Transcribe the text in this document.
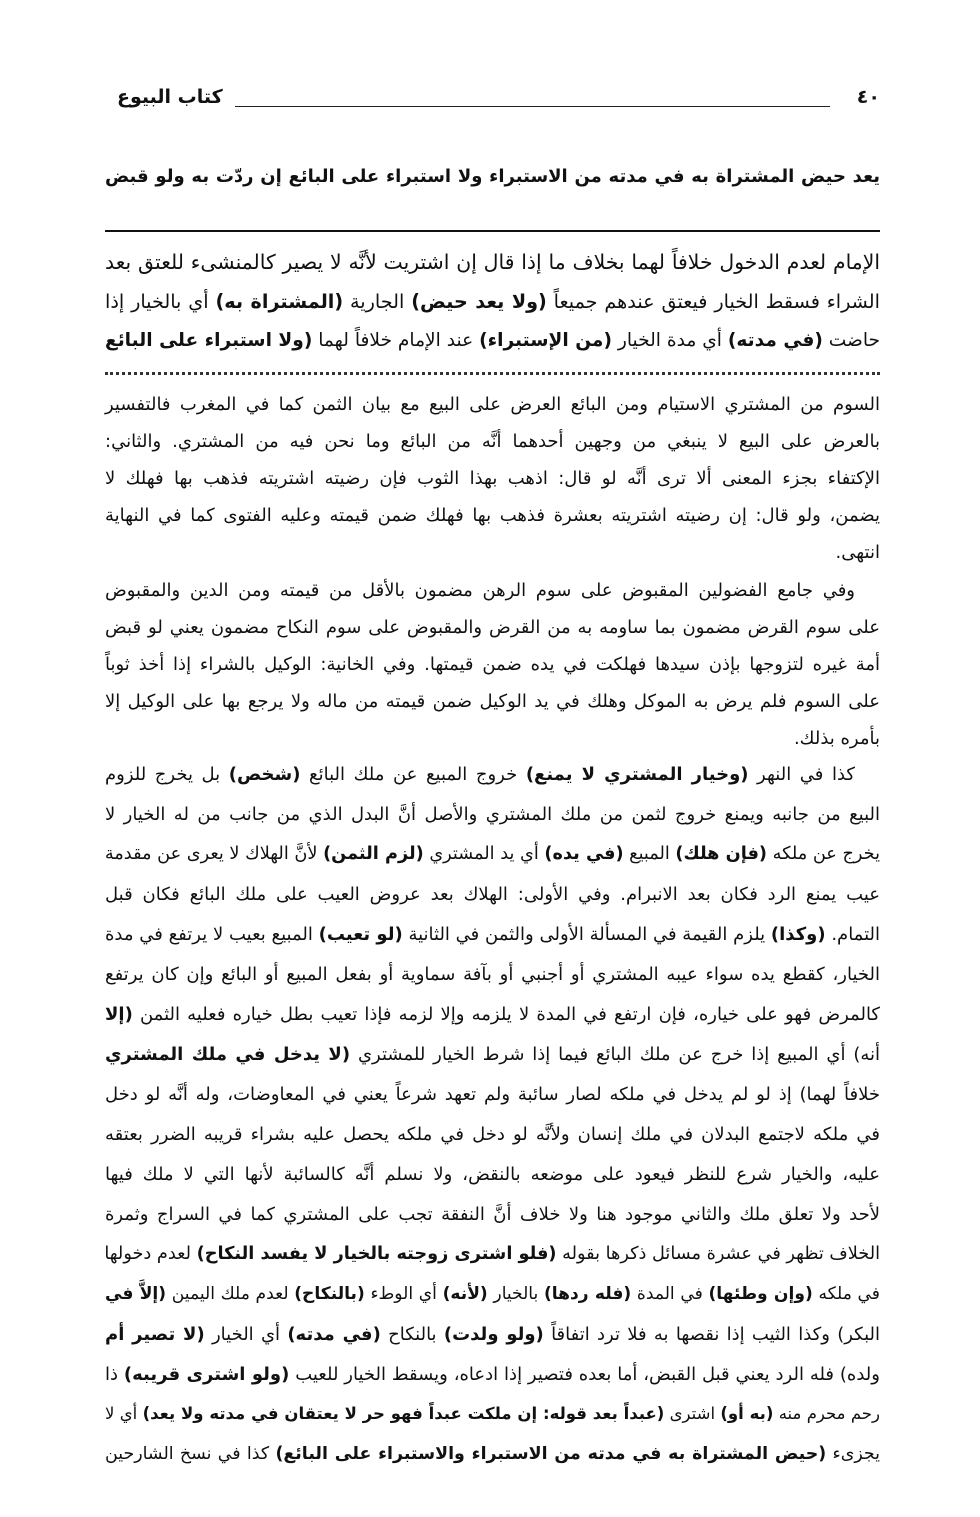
كتاب البيوع	٤٠
يعد حيض المشتراة به في مدته من الاستبراء ولا استبراء على البائع إن ردّت به ولو قبض
الإمام لعدم الدخول خلافاً لهما بخلاف ما إذا قال إن اشتريت لأنَّه لا يصير كالمنشىء للعتق بعد
الشراء فسقط الخيار فيعتق عندهم جميعاً (ولا يعد حيض) الجارية (المشتراة به) أي بالخيار إذا
حاضت (في مدته) أي مدة الخيار (من الإستبراء) عند الإمام خلافاً لهما (ولا استبراء على البائع
السوم من المشتري الاستيام ومن البائع العرض على البيع مع بيان الثمن كما في المغرب فالتفسير
بالعرض على البيع لا ينبغي من وجهين أحدهما أنَّه من البائع وما نحن فيه من المشتري. والثاني:
الإكتفاء بجزء المعنى ألا ترى أنَّه لو قال: اذهب بهذا الثوب فإن رضيته اشتريته فذهب بها فهلك لا
يضمن، ولو قال: إن رضيته اشتريته بعشرة فذهب بها فهلك ضمن قيمته وعليه الفتوى كما في النهاية
انتهى.
وفي جامع الفضولين المقبوض على سوم الرهن مضمون بالأقل من قيمته ومن الدين والمقبوض
على سوم القرض مضمون بما ساومه به من القرض والمقبوض على سوم النكاح مضمون يعني لو قبض
أمة غيره لتزوجها بإذن سيدها فهلكت في يده ضمن قيمتها. وفي الخانية: الوكيل بالشراء إذا أخذ ثوباً
على السوم فلم يرض به الموكل وهلك في يد الوكيل ضمن قيمته من ماله ولا يرجع بها على الوكيل إلا
بأمره بذلك.
كذا في النهر (وخيار المشتري لا يمنع) خروج المبيع عن ملك البائع (شخص) بل يخرج للزوم
البيع من جانبه ويمنع خروج لثمن من ملك المشتري والأصل أنَّ البدل الذي من جانب من له الخيار لا
يخرج عن ملكه (فإن هلك) المبيع (في يده) أي يد المشتري (لزم الثمن) لأنَّ الهلاك لا يعرى عن مقدمة
عيب يمنع الرد فكان بعد الانبرام. وفي الأولى: الهلاك بعد عروض العيب على ملك البائع فكان قبل
التمام. (وكذا) يلزم القيمة في المسألة الأولى والثمن في الثانية (لو تعيب) المبيع بعيب لا يرتفع في مدة
الخيار، كقطع يده سواء عيبه المشتري أو أجنبي أو بآفة سماوية أو بفعل المبيع أو البائع وإن كان يرتفع
كالمرض فهو على خياره، فإن ارتفع في المدة لا يلزمه وإلا لزمه فإذا تعيب بطل خياره فعليه الثمن (إلا
أنه) أي المبيع إذا خرج عن ملك البائع فيما إذا شرط الخيار للمشتري (لا يدخل في ملك المشتري
خلافاً لهما) إذ لو لم يدخل في ملكه لصار سائبة ولم تعهد شرعاً يعني في المعاوضات، وله أنَّه لو دخل
في ملكه لاجتمع البدلان في ملك إنسان ولأنَّه لو دخل في ملكه يحصل عليه بشراء قريبه الضرر بعتقه
عليه، والخيار شرع للنظر فيعود على موضعه بالنقض، ولا نسلم أنَّه كالسائبة لأنها التي لا ملك فيها
لأحد ولا تعلق ملك والثاني موجود هنا ولا خلاف أنَّ النفقة تجب على المشتري كما في السراج وثمرة
الخلاف تظهر في عشرة مسائل ذكرها بقوله (فلو اشترى زوجته بالخيار لا يفسد النكاح) لعدم دخولها
في ملكه (وإن وطئها) في المدة (فله ردها) بالخيار (لأنه) أي الوطء (بالنكاح) لعدم ملك اليمين (إلاَّ في
البكر) وكذا الثيب إذا نقصها به فلا ترد اتفاقاً (ولو ولدت) بالنكاح (في مدته) أي الخيار (لا تصير أم
ولده) فله الرد يعني قبل القبض، أما بعده فتصير إذا ادعاه، ويسقط الخيار للعيب (ولو اشترى قريبه) ذا
رحم محرم منه (به أو) اشترى (عبداً بعد قوله: إن ملكت عبداً فهو حر لا يعتقان في مدته ولا يعد) أي لا
يجزىء (حيض المشتراة به في مدته من الاستبراء والاستبراء على البائع) كذا في نسخ الشارحين
